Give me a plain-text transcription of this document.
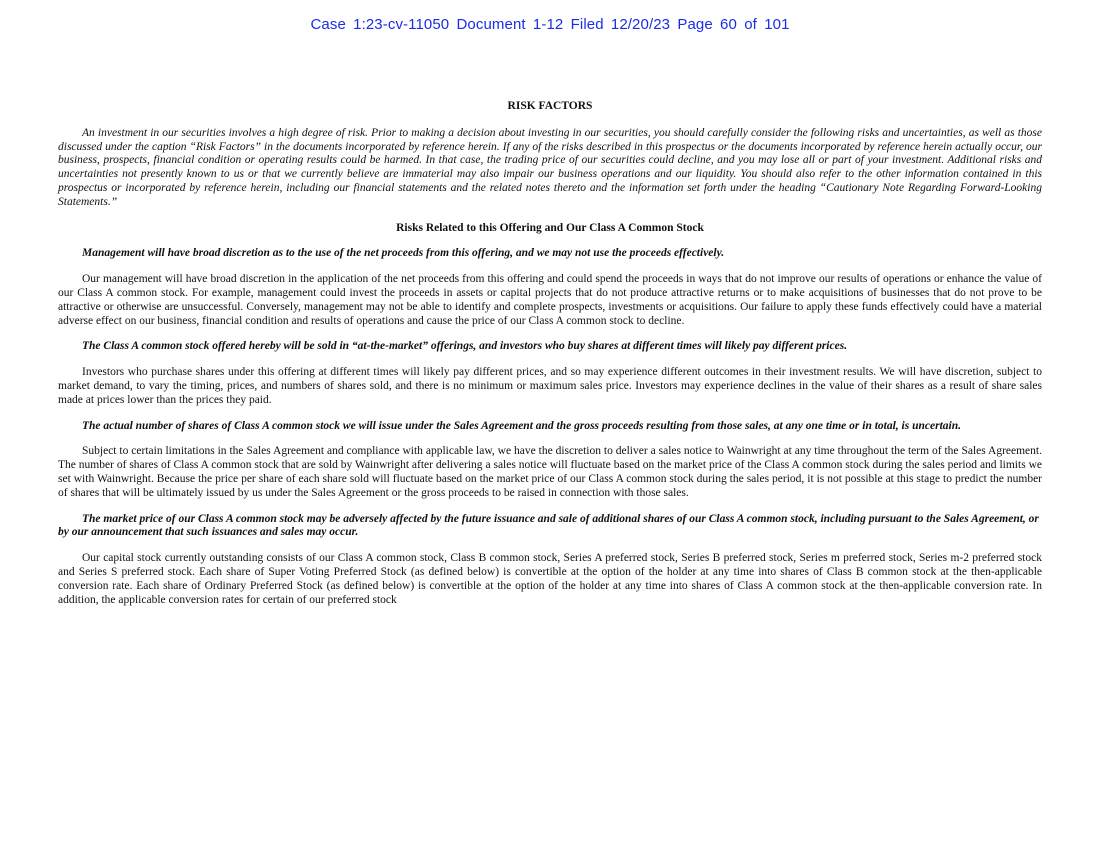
Case 1:23-cv-11050 Document 1-12 Filed 12/20/23 Page 60 of 101

RISK FACTORS

An investment in our securities involves a high degree of risk. Prior to making a decision about investing in our securities, you should carefully consider the following risks and uncertainties, as well as those discussed under the caption “Risk Factors” in the documents incorporated by reference herein. If any of the risks described in this prospectus or the documents incorporated by reference herein actually occur, our business, prospects, financial condition or operating results could be harmed. In that case, the trading price of our securities could decline, and you may lose all or part of your investment. Additional risks and uncertainties not presently known to us or that we currently believe are immaterial may also impair our business operations and our liquidity. You should also refer to the other information contained in this prospectus or incorporated by reference herein, including our financial statements and the related notes thereto and the information set forth under the heading “Cautionary Note Regarding Forward-Looking Statements.”

Risks Related to this Offering and Our Class A Common Stock

Management will have broad discretion as to the use of the net proceeds from this offering, and we may not use the proceeds effectively.

Our management will have broad discretion in the application of the net proceeds from this offering and could spend the proceeds in ways that do not improve our results of operations or enhance the value of our Class A common stock. For example, management could invest the proceeds in assets or capital projects that do not produce attractive returns or to make acquisitions of businesses that do not prove to be attractive or otherwise are unsuccessful. Conversely, management may not be able to identify and complete prospects, investments or acquisitions. Our failure to apply these funds effectively could have a material adverse effect on our business, financial condition and results of operations and cause the price of our Class A common stock to decline.

The Class A common stock offered hereby will be sold in “at-the-market” offerings, and investors who buy shares at different times will likely pay different prices.

Investors who purchase shares under this offering at different times will likely pay different prices, and so may experience different outcomes in their investment results. We will have discretion, subject to market demand, to vary the timing, prices, and numbers of shares sold, and there is no minimum or maximum sales price. Investors may experience declines in the value of their shares as a result of share sales made at prices lower than the prices they paid.

The actual number of shares of Class A common stock we will issue under the Sales Agreement and the gross proceeds resulting from those sales, at any one time or in total, is uncertain.

Subject to certain limitations in the Sales Agreement and compliance with applicable law, we have the discretion to deliver a sales notice to Wainwright at any time throughout the term of the Sales Agreement. The number of shares of Class A common stock that are sold by Wainwright after delivering a sales notice will fluctuate based on the market price of the Class A common stock during the sales period and limits we set with Wainwright. Because the price per share of each share sold will fluctuate based on the market price of our Class A common stock during the sales period, it is not possible at this stage to predict the number of shares that will be ultimately issued by us under the Sales Agreement or the gross proceeds to be raised in connection with those sales.

The market price of our Class A common stock may be adversely affected by the future issuance and sale of additional shares of our Class A common stock, including pursuant to the Sales Agreement, or by our announcement that such issuances and sales may occur.

Our capital stock currently outstanding consists of our Class A common stock, Class B common stock, Series A preferred stock, Series B preferred stock, Series m preferred stock, Series m-2 preferred stock and Series S preferred stock. Each share of Super Voting Preferred Stock (as defined below) is convertible at the option of the holder at any time into shares of Class B common stock at the then-applicable conversion rate. Each share of Ordinary Preferred Stock (as defined below) is convertible at the option of the holder at any time into shares of Class A common stock at the then-applicable conversion rate. In addition, the applicable conversion rates for certain of our preferred stock
